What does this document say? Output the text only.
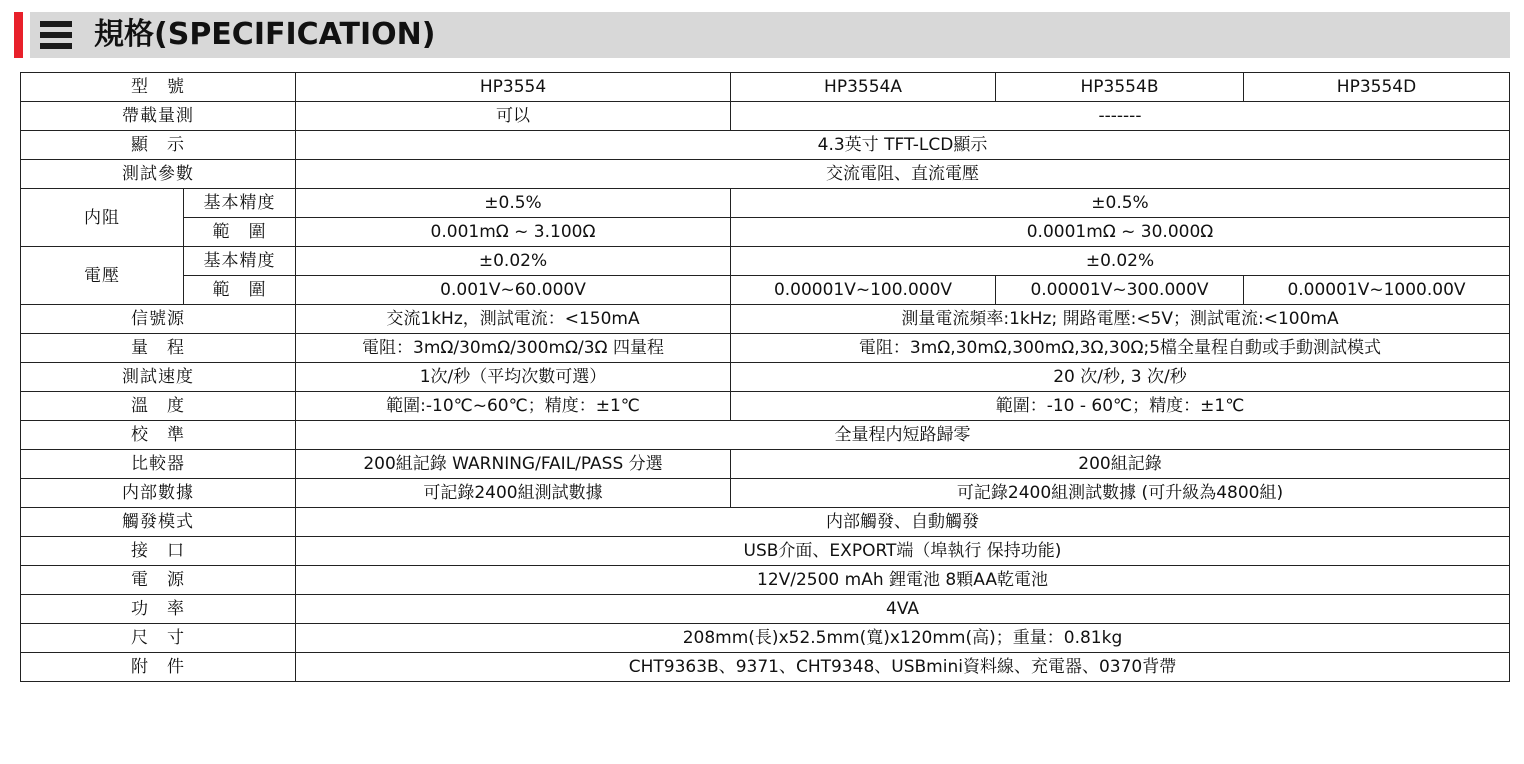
規格(SPECIFICATION)
型　號		HP3554	HP3554A	HP3554B	HP3554D
帶載量測		可以	-------		
顯　示		4.3英寸 TFT-LCD顯示			
測試參數		交流電阻、直流電壓			
内阻	基本精度	±0.5%	±0.5%		
	範　圍	0.001mΩ ~ 3.100Ω	0.0001mΩ ~ 30.000Ω		
電壓	基本精度	±0.02%	±0.02%		
	範　圍	0.001V~60.000V	0.00001V~100.000V	0.00001V~300.000V	0.00001V~1000.00V
信號源		交流1kHz，測試電流：<150mA	測量電流頻率:1kHz; 開路電壓:<5V；測試電流:<100mA		
量　程		電阻：3mΩ/30mΩ/300mΩ/3Ω 四量程	電阻：3mΩ,30mΩ,300mΩ,3Ω,30Ω;5檔全量程自動或手動測試模式		
測試速度		1次/秒（平均次數可選）	20 次/秒, 3 次/秒		
溫　度		範圍:-10℃~60℃；精度：±1℃	範圍：-10 - 60℃；精度：±1℃		
校　準		全量程内短路歸零			
比較器		200組記錄 WARNING/FAIL/PASS 分選	200組記錄		
内部數據		可記錄2400組測試數據	可記錄2400組測試數據 (可升級為4800組)		
觸發模式		内部觸發、自動觸發			
接　口		USB介面、EXPORT端（埠執行 保持功能)			
電　源		12V/2500 mAh 鋰電池 8顆AA乾電池			
功　率		4VA			
尺　寸		208mm(長)x52.5mm(寬)x120mm(高)；重量：0.81kg			
附　件		CHT9363B、9371、CHT9348、USBmini資料線、充電器、0370背帶			
